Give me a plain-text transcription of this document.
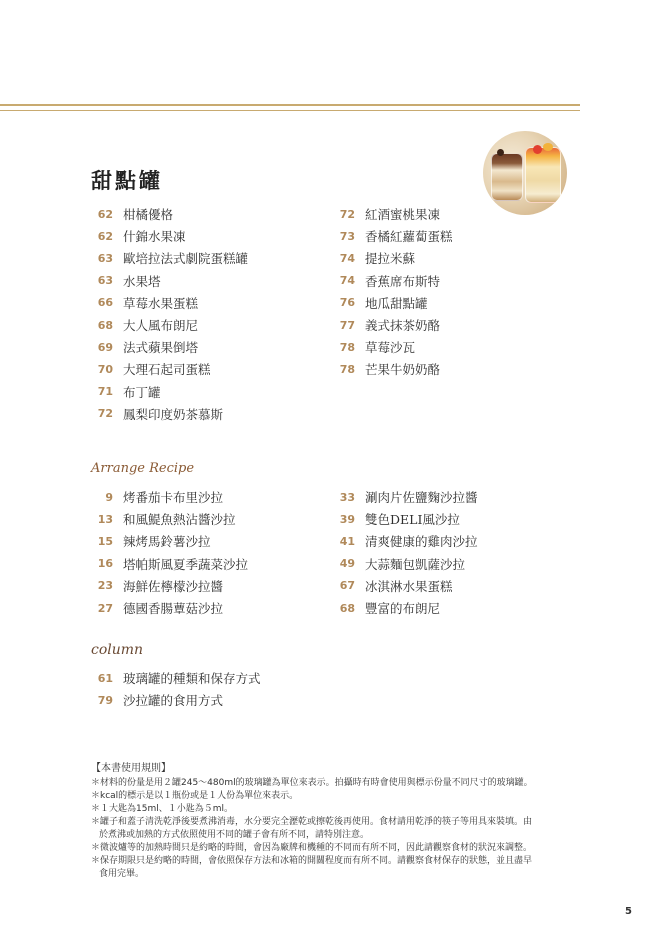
甜點罐
62 柑橘優格
62 什錦水果凍
63 歐培拉法式劇院蛋糕罐
63 水果塔
66 草莓水果蛋糕
68 大人風布朗尼
69 法式蘋果倒塔
70 大理石起司蛋糕
71 布丁罐
72 鳳梨印度奶茶慕斯
72 紅酒蜜桃果凍
73 香橘紅蘿蔔蛋糕
74 提拉米蘇
74 香蕉席布斯特
76 地瓜甜點罐
77 義式抹茶奶酪
78 草莓沙瓦
78 芒果牛奶奶酪
Arrange Recipe
9 烤番茄卡布里沙拉
13 和風鯷魚熱沾醬沙拉
15 辣烤馬鈴薯沙拉
16 塔帕斯風夏季蔬菜沙拉
23 海鮮佐檸檬沙拉醬
27 德國香腸蕈菇沙拉
33 涮肉片佐鹽麴沙拉醬
39 雙色DELI風沙拉
41 清爽健康的雞肉沙拉
49 大蒜麵包凱薩沙拉
67 冰淇淋水果蛋糕
68 豐富的布朗尼
column
61 玻璃罐的種類和保存方式
79 沙拉罐的食用方式
【本書使用規則】

＊材料的份量是用２罐245～480ml的玻璃罐為單位來表示。拍攝時有時會使用與標示份量不同尺寸的玻璃罐。

＊kcal的標示是以１瓶份或是１人份為單位來表示。

＊１大匙為15ml、１小匙為５ml。

＊罐子和蓋子清洗乾淨後要煮沸消毒，水分要完全瀝乾或擦乾後再使用。食材請用乾淨的筷子等用具來裝填。由

於煮沸或加熱的方式依照使用不同的罐子會有所不同，請特別注意。

＊微波爐等的加熱時間只是約略的時間，會因為廠牌和機種的不同而有所不同，因此請觀察食材的狀況來調整。

＊保存期限只是約略的時間，會依照保存方法和冰箱的開關程度而有所不同。請觀察食材保存的狀態，並且盡早

食用完畢。

5
